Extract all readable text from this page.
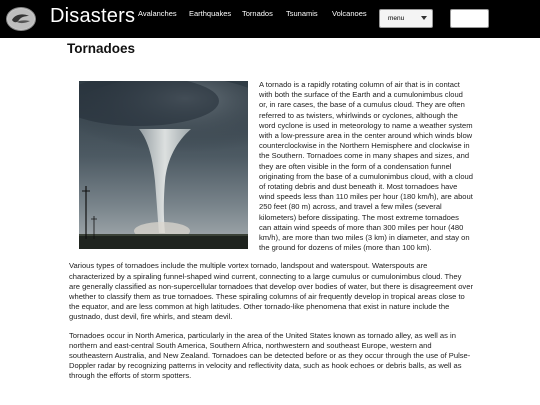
Disasters Avalanches Earthquakes Tornados Tsunamis Volcanoes
menu
Tornadoes

A tornado is a rapidly rotating column of air that is in contact with both the surface of the Earth and a cumulonimbus cloud or, in rare cases, the base of a cumulus cloud. They are often referred to as twisters, whirlwinds or cyclones, although the word cyclone is used in meteorology to name a weather system with a low-pressure area in the center around which winds blow counterclockwise in the Northern Hemisphere and clockwise in the Southern. Tornadoes come in many shapes and sizes, and they are often visible in the form of a condensation funnel originating from the base of a cumulonimbus cloud, with a cloud of rotating debris and dust beneath it. Most tornadoes have wind speeds less than 110 miles per hour (180 km/h), are about 250 feet (80 m) across, and travel a few miles (several kilometers) before dissipating. The most extreme tornadoes can attain wind speeds of more than 300 miles per hour (480 km/h), are more than two miles (3 km) in diameter, and stay on the ground for dozens of miles (more than 100 km).

Various types of tornadoes include the multiple vortex tornado, landspout and waterspout. Waterspouts are characterized by a spiraling funnel-shaped wind current, connecting to a large cumulus or cumulonimbus cloud. They are generally classified as non-supercellular tornadoes that develop over bodies of water, but there is disagreement over whether to classify them as true tornadoes. These spiraling columns of air frequently develop in tropical areas close to the equator, and are less common at high latitudes. Other tornado-like phenomena that exist in nature include the gustnado, dust devil, fire whirls, and steam devil.

Tornadoes occur in North America, particularly in the area of the United States known as tornado alley, as well as in northern and east-central South America, Southern Africa, northwestern and southeast Europe, western and southeastern Australia, and New Zealand. Tornadoes can be detected before or as they occur through the use of Pulse-Doppler radar by recognizing patterns in velocity and reflectivity data, such as hook echoes or debris balls, as well as through the efforts of storm spotters.
